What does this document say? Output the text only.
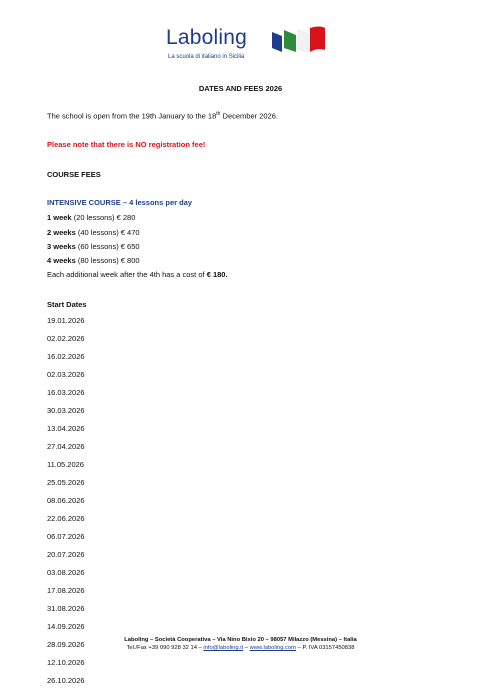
Laboling
La scuola di italiano in Sicilia
DATES AND FEES 2026
The school is open from the 19th January to the 18th December 2026.
Please note that there is NO registration fee!
COURSE FEES
INTENSIVE COURSE – 4 lessons per day
1 week (20 lessons) € 280
2 weeks (40 lessons) € 470
3 weeks (60 lessons) € 650
4 weeks (80 lessons) € 800
Each additional week after the 4th has a cost of € 180.
Start Dates
19.01.2026
02.02.2026
16.02.2026
02.03.2026
16.03.2026
30.03.2026
13.04.2026
27.04.2026
11.05.2026
25.05.2026
08.06.2026
22.06.2026
06.07.2026
20.07.2026
03.08.2026
17.08.2026
31.08.2026
14.09.2026
28.09.2026
12.10.2026
26.10.2026
Laboling – Società Cooperativa – Via Nino Bixio 20 – 98057 Milazzo (Messina) – Italia
Tel./Fax +39 090 928 32 14 – info@laboling.it – www.laboling.com – P. IVA 03157450838
